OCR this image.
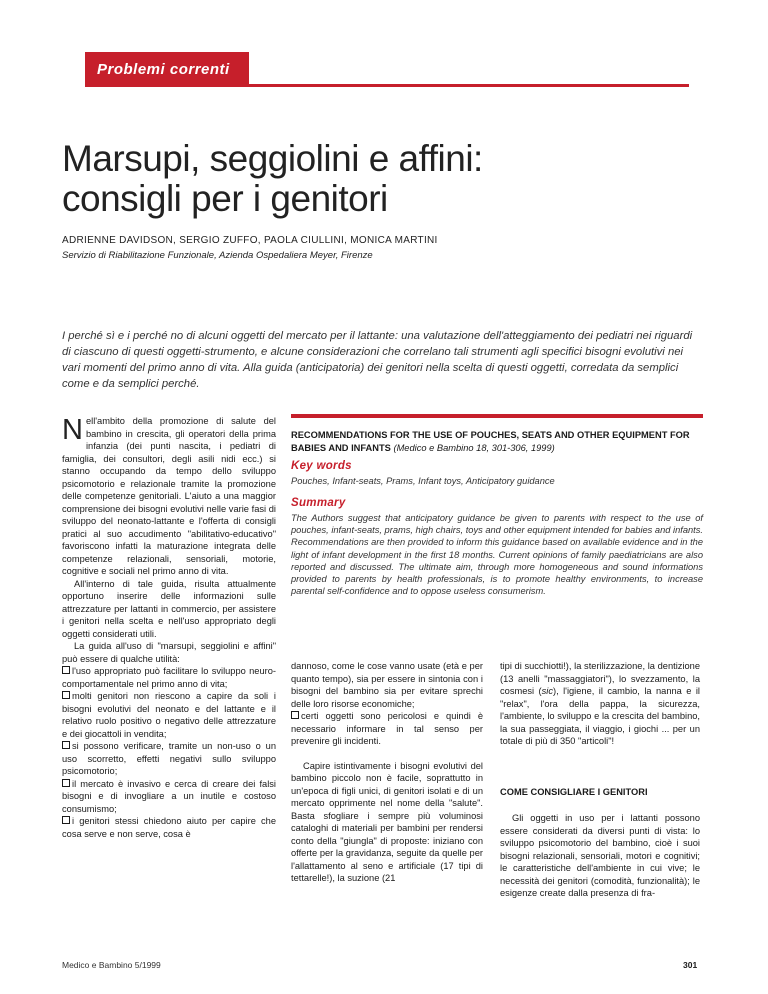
Problemi correnti
Marsupi, seggiolini e affini:
consigli per i genitori
ADRIENNE DAVIDSON, SERGIO ZUFFO, PAOLA CIULLINI, MONICA MARTINI
Servizio di Riabilitazione Funzionale, Azienda Ospedaliera Meyer, Firenze

I perché sì e i perché no di alcuni oggetti del mercato per il lattante: una valutazione dell'atteggiamento dei pediatri nei riguardi di ciascuno di questi oggetti-strumento, e alcune considerazioni che correlano tali strumenti agli specifici bisogni evolutivi nei vari momenti del primo anno di vita. Alla guida (anticipatoria) dei genitori nella scelta di questi oggetti, corredata da semplici come e da semplici perché.

Nell'ambito della promozione di salute del bambino in crescita, gli operatori della prima infanzia (dei punti nascita, i pediatri di famiglia, dei consultori, degli asili nidi ecc.) si stanno occupando da tempo dello sviluppo psicomotorio e relazionale tramite la promozione delle competenze genitoriali. L'aiuto a una maggior comprensione dei bisogni evolutivi nelle varie fasi di sviluppo del neonato-lattante e l'offerta di consigli pratici al suo accudimento "abilitativo-educativo" favoriscono infatti la maturazione integrata delle competenze relazionali, sensoriali, motorie, cognitive e sociali nel primo anno di vita.

All'interno di tale guida, risulta attualmente opportuno inserire delle informazioni sulle attrezzature per lattanti in commercio, per assistere i genitori nella scelta e nell'uso appropriato degli oggetti considerati utili.

La guida all'uso di "marsupi, seggiolini e affini" può essere di qualche utilità:

l'uso appropriato può facilitare lo sviluppo neuro-comportamentale nel primo anno di vita;

molti genitori non riescono a capire da soli i bisogni evolutivi del neonato e del lattante e il relativo ruolo positivo o negativo delle attrezzature e dei giocattoli in vendita;

si possono verificare, tramite un non-uso o un uso scorretto, effetti negativi sullo sviluppo psicomotorio;

il mercato è invasivo e cerca di creare dei falsi bisogni e di invogliare a un inutile e costoso consumismo;

i genitori stessi chiedono aiuto per capire che cosa serve e non serve, cosa è

RECOMMENDATIONS FOR THE USE OF POUCHES, SEATS AND OTHER EQUIPMENT FOR BABIES AND INFANTS (Medico e Bambino 18, 301-306, 1999)
Key words
Pouches, Infant-seats, Prams, Infant toys, Anticipatory guidance
Summary

The Authors suggest that anticipatory guidance be given to parents with respect to the use of pouches, infant-seats, prams, high chairs, toys and other equipment intended for babies and infants. Recommendations are then provided to inform this guidance based on available evidence and in the light of infant development in the first 18 months. Current opinions of family paediatricians are also reported and discussed. The ultimate aim, through more homogeneous and sound informations provided to parents by health professionals, is to promote healthy environments, to increase parental self-confidence and to oppose useless consumerism.

dannoso, come le cose vanno usate (età e per quanto tempo), sia per essere in sintonia con i bisogni del bambino sia per evitare sprechi delle loro risorse economiche;

certi oggetti sono pericolosi e quindi è necessario informare in tal senso per prevenire gli incidenti.

Capire istintivamente i bisogni evolutivi del bambino piccolo non è facile, soprattutto in un'epoca di figli unici, di genitori isolati e di un mercato opprimente nel nome della "salute". Basta sfogliare i sempre più voluminosi cataloghi di materiali per bambini per rendersi conto della "giungla" di proposte: iniziano con offerte per la gravidanza, seguite da quelle per l'allattamento al seno e artificiale (17 tipi di tettarelle!), la suzione (21

tipi di succhiotti!), la sterilizzazione, la dentizione (13 anelli "massaggiatori"), lo svezzamento, la cosmesi (sic), l'igiene, il cambio, la nanna e il "relax", l'ora della pappa, la sicurezza, l'ambiente, lo sviluppo e la crescita del bambino, la sua passeggiata, il viaggio, i giochi ... per un totale di più di 350 "articoli"!

COME CONSIGLIARE I GENITORI

Gli oggetti in uso per i lattanti possono essere considerati da diversi punti di vista: lo sviluppo psicomotorio del bambino, cioè i suoi bisogni relazionali, sensoriali, motori e cognitivi; le caratteristiche dell'ambiente in cui vive; le necessità dei genitori (comodità, funzionalità); le esigenze create dalla presenza di fra-

Medico e Bambino 5/1999	301
